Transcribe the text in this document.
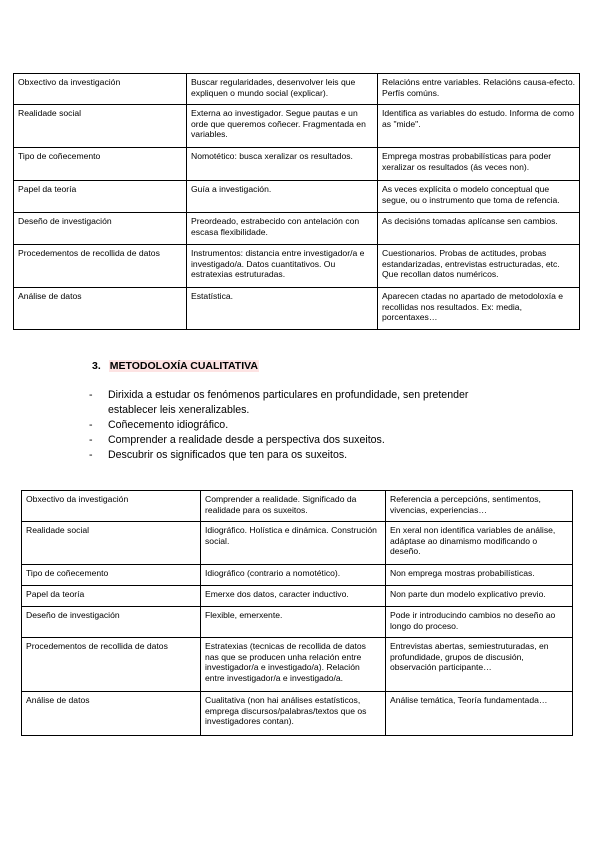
Obxectivo da investigación	Buscar regularidades, desenvolver leis que expliquen o mundo social (explicar).	Relacións entre variables. Relacións causa-efecto. Perfís comúns.
Realidade social	Externa ao investigador. Segue pautas e un orde que queremos coñecer. Fragmentada en variables.	Identifica as variables do estudo. Informa de como as "mide".
Tipo de coñecemento	Nomotético: busca xeralizar os resultados.	Emprega mostras probabilísticas para poder xeralizar os resultados (ás veces non).
Papel da teoría	Guía a investigación.	As veces explícita o modelo conceptual que segue, ou o instrumento que toma de refencia.
Deseño de investigación	Preordeado, estrabecido con antelación con escasa flexibilidade.	As decisións tomadas aplícanse sen cambios.
Procedementos de recollida de datos	Instrumentos: distancia entre investigador/a e investigado/a. Datos cuantitativos. Ou estratexias estruturadas.	Cuestionarios. Probas de actitudes, probas estandarizadas, entrevistas estructuradas, etc. Que recollan datos numéricos.
Análise de datos	Estatística.	Aparecen ctadas no apartado de metodoloxía e recollidas nos resultados. Ex: media, porcentaxes…
3. METODOLOXÍA CUALITATIVA
-	Dirixida a estudar os fenómenos particulares en profundidade, sen pretender establecer leis xeneralizables.
-	Coñecemento idiográfico.
-	Comprender a realidade desde a perspectiva dos suxeitos.
-	Descubrir os significados que ten para os suxeitos.
Obxectivo da investigación	Comprender a realidade. Significado da realidade para os suxeitos.	Referencia a percepcións, sentimentos, vivencias, experiencias…
Realidade social	Idiográfico. Holística e dinámica. Construción social.	En xeral non identifica variables de análise, adáptase ao dinamismo modificando o deseño.
Tipo de coñecemento	Idiográfico (contrario a nomotético).	Non emprega mostras probabilísticas.
Papel da teoría	Emerxe dos datos, caracter inductivo.	Non parte dun modelo explicativo previo.
Deseño de investigación	Flexible, emerxente.	Pode ir introducindo cambios no deseño ao longo do proceso.
Procedementos de recollida de datos	Estratexias (tecnicas de recollida de datos nas que se producen unha relación entre investigador/a e investigado/a). Relación entre investigador/a e investigado/a.	Entrevistas abertas, semiestruturadas, en profundidade, grupos de discusión, observación participante…
Análise de datos	Cualitativa (non hai análises estatísticos, emprega discursos/palabras/textos que os investigadores contan).	Análise temática, Teoría fundamentada…
